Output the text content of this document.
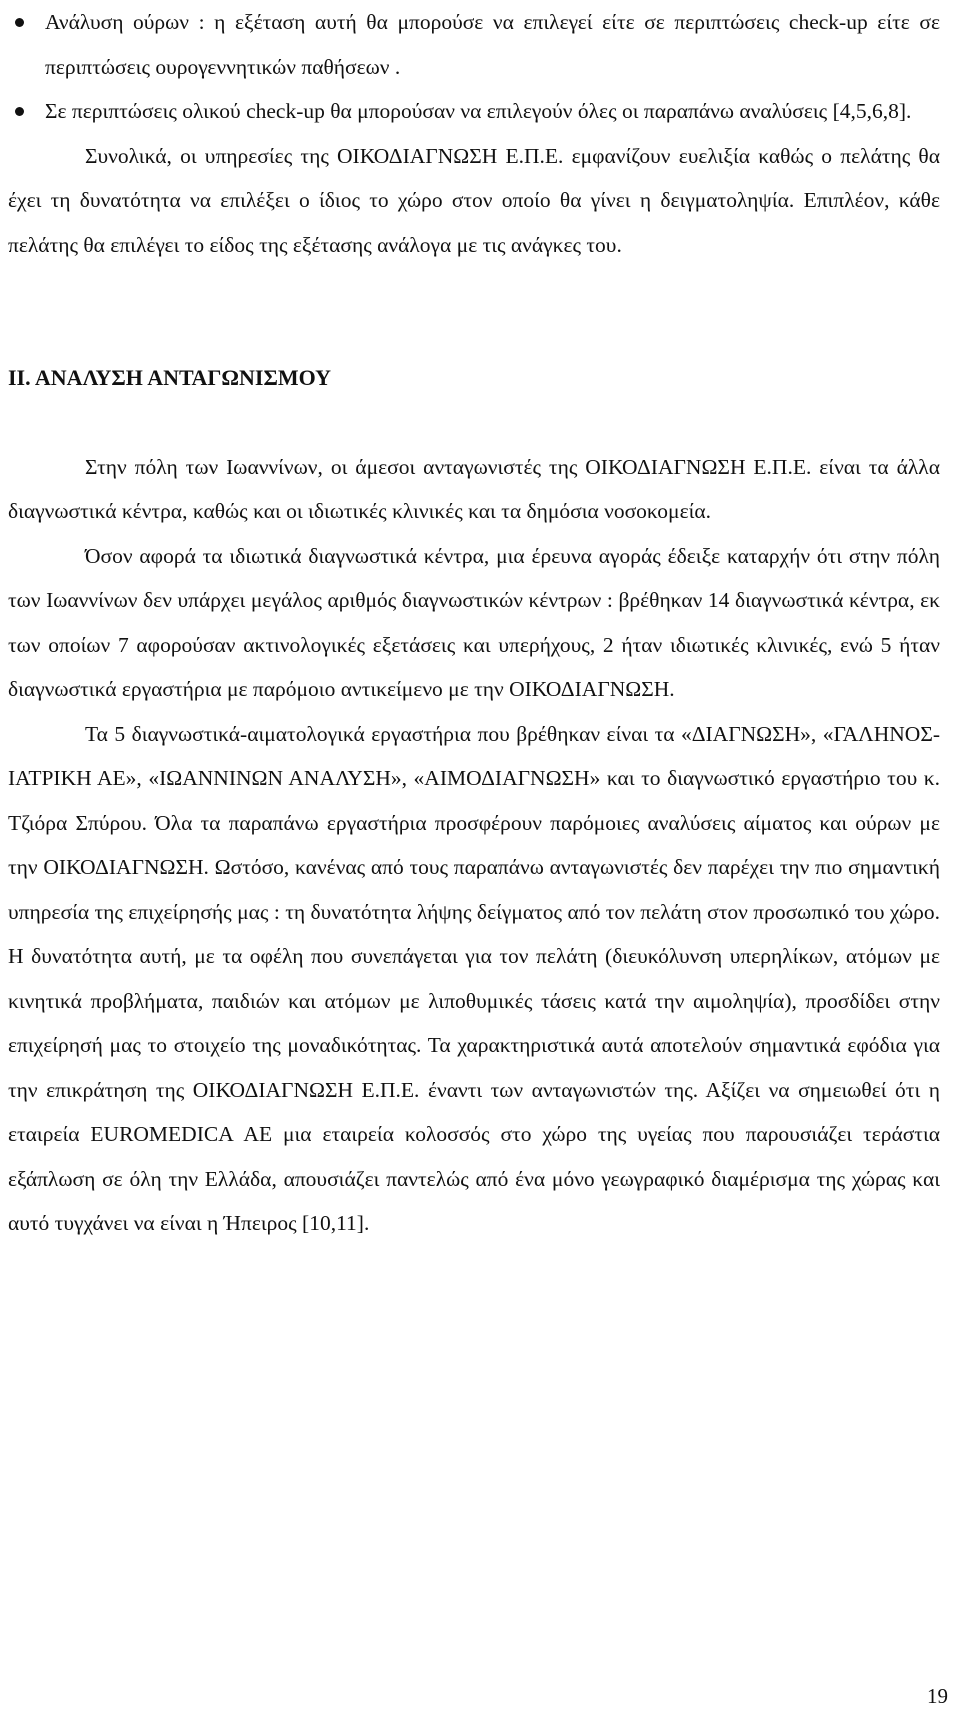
Ανάλυση ούρων : η εξέταση αυτή θα μπορούσε να επιλεγεί είτε σε περιπτώσεις check-up είτε σε περιπτώσεις ουρογεννητικών παθήσεων .
Σε περιπτώσεις ολικού check-up θα μπορούσαν να επιλεγούν όλες οι παραπάνω αναλύσεις [4,5,6,8].

Συνολικά, οι υπηρεσίες της ΟΙΚΟΔΙΑΓΝΩΣΗ Ε.Π.Ε. εμφανίζουν ευελιξία καθώς ο πελάτης θα έχει τη δυνατότητα να επιλέξει ο ίδιος το χώρο στον οποίο θα γίνει η δειγματοληψία. Επιπλέον, κάθε πελάτης θα επιλέγει το είδος της εξέτασης ανάλογα με τις ανάγκες του.

ΙΙ. ΑΝΑΛΥΣΗ ΑΝΤΑΓΩΝΙΣΜΟΥ

Στην πόλη των Ιωαννίνων, οι άμεσοι ανταγωνιστές της ΟΙΚΟΔΙΑΓΝΩΣΗ Ε.Π.Ε. είναι τα άλλα διαγνωστικά κέντρα, καθώς και οι ιδιωτικές κλινικές και τα δημόσια νοσοκομεία.

Όσον αφορά τα ιδιωτικά διαγνωστικά κέντρα, μια έρευνα αγοράς έδειξε καταρχήν ότι στην πόλη των Ιωαννίνων δεν υπάρχει μεγάλος αριθμός διαγνωστικών κέντρων : βρέθηκαν 14 διαγνωστικά κέντρα, εκ των οποίων 7 αφορούσαν ακτινολογικές εξετάσεις και υπερήχους, 2 ήταν ιδιωτικές κλινικές, ενώ 5 ήταν διαγνωστικά εργαστήρια με παρόμοιο αντικείμενο με την ΟΙΚΟΔΙΑΓΝΩΣΗ.

Τα 5 διαγνωστικά-αιματολογικά εργαστήρια που βρέθηκαν είναι τα «ΔΙΑΓΝΩΣΗ», «ΓΑΛΗΝΟΣ-ΙΑΤΡΙΚΗ ΑΕ», «ΙΩΑΝΝΙΝΩΝ ΑΝΑΛΥΣΗ», «ΑΙΜΟΔΙΑΓΝΩΣΗ» και το διαγνωστικό εργαστήριο του κ. Τζιόρα Σπύρου. Όλα τα παραπάνω εργαστήρια προσφέρουν παρόμοιες αναλύσεις αίματος και ούρων με την ΟΙΚΟΔΙΑΓΝΩΣΗ. Ωστόσο, κανένας από τους παραπάνω ανταγωνιστές δεν παρέχει την πιο σημαντική υπηρεσία της επιχείρησής μας : τη δυνατότητα λήψης δείγματος από τον πελάτη στον προσωπικό του χώρο. Η δυνατότητα αυτή, με τα οφέλη που συνεπάγεται για τον πελάτη (διευκόλυνση υπερηλίκων, ατόμων με κινητικά προβλήματα, παιδιών και ατόμων με λιποθυμικές τάσεις κατά την αιμοληψία), προσδίδει στην επιχείρησή μας το στοιχείο της μοναδικότητας. Τα χαρακτηριστικά αυτά αποτελούν σημαντικά εφόδια για την επικράτηση της ΟΙΚΟΔΙΑΓΝΩΣΗ Ε.Π.Ε. έναντι των ανταγωνιστών της. Αξίζει να σημειωθεί ότι η εταιρεία EUROMEDICA ΑΕ μια εταιρεία κολοσσός στο χώρο της υγείας που παρουσιάζει τεράστια εξάπλωση σε όλη την Ελλάδα, απουσιάζει παντελώς από ένα μόνο γεωγραφικό διαμέρισμα της χώρας και αυτό τυγχάνει να είναι η Ήπειρος [10,11].

19
